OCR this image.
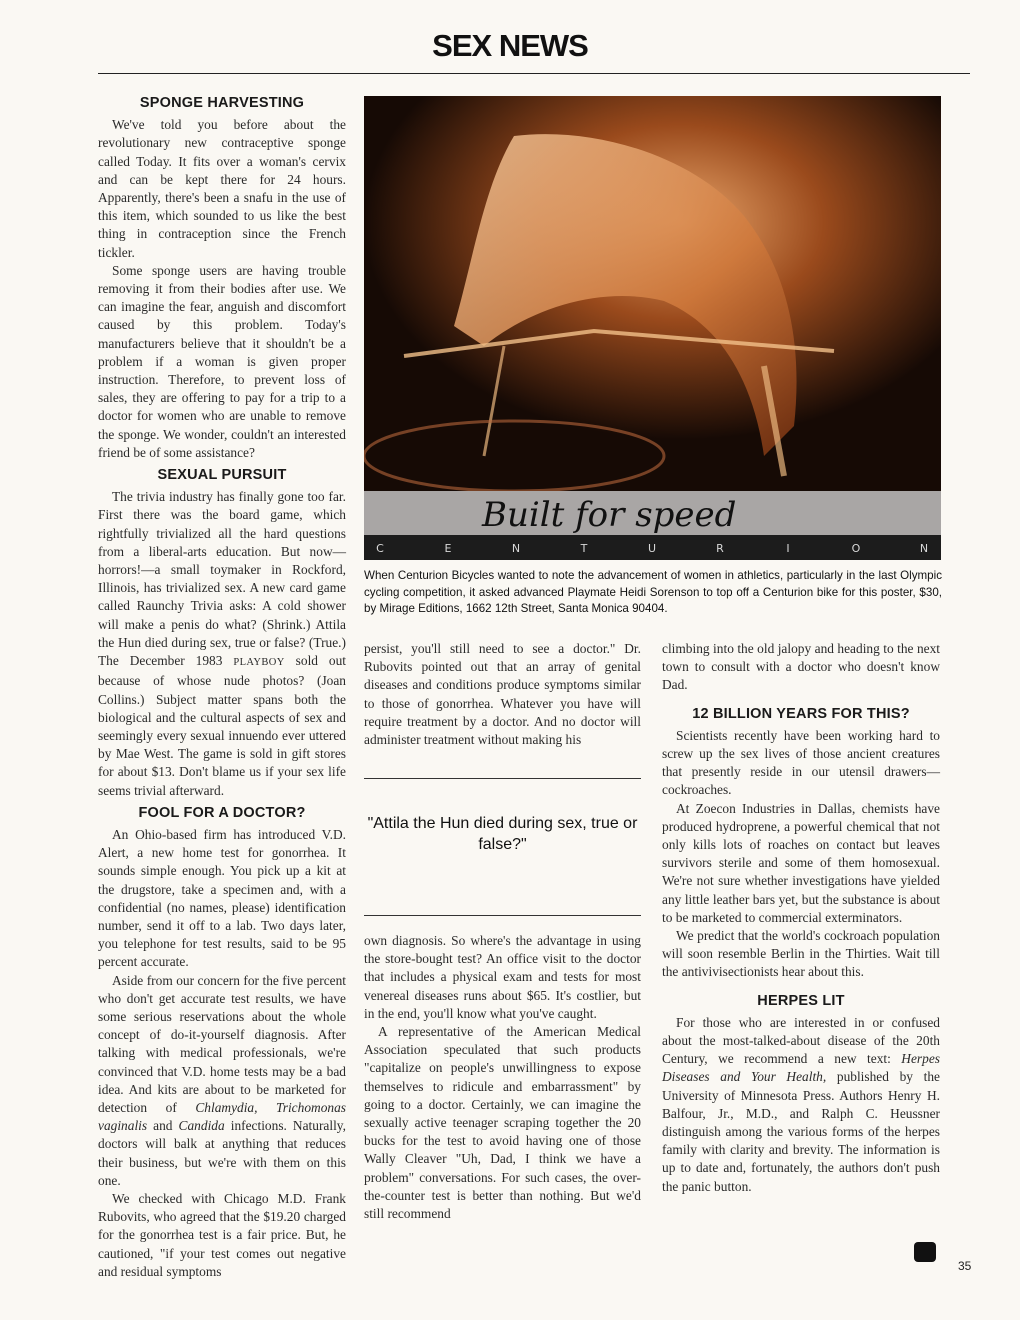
SEX NEWS
SPONGE HARVESTING

We've told you before about the revolutionary new contraceptive sponge called Today. It fits over a woman's cervix and can be kept there for 24 hours. Apparently, there's been a snafu in the use of this item, which sounded to us like the best thing in contraception since the French tickler.

Some sponge users are having trouble removing it from their bodies after use. We can imagine the fear, anguish and discomfort caused by this problem. Today's manufacturers believe that it shouldn't be a problem if a woman is given proper instruction. Therefore, to prevent loss of sales, they are offering to pay for a trip to a doctor for women who are unable to remove the sponge. We wonder, couldn't an interested friend be of some assistance?

SEXUAL PURSUIT

The trivia industry has finally gone too far. First there was the board game, which rightfully trivialized all the hard questions from a liberal-arts education. But now—horrors!—a small toymaker in Rockford, Illinois, has trivialized sex. A new card game called Raunchy Trivia asks: A cold shower will make a penis do what? (Shrink.) Attila the Hun died during sex, true or false? (True.) The December 1983 PLAYBOY sold out because of whose nude photos? (Joan Collins.) Subject matter spans both the biological and the cultural aspects of sex and seemingly every sexual innuendo ever uttered by Mae West. The game is sold in gift stores for about $13. Don't blame us if your sex life seems trivial afterward.

FOOL FOR A DOCTOR?

An Ohio-based firm has introduced V.D. Alert, a new home test for gonorrhea. It sounds simple enough. You pick up a kit at the drugstore, take a specimen and, with a confidential (no names, please) identification number, send it off to a lab. Two days later, you telephone for test results, said to be 95 percent accurate.

Aside from our concern for the five percent who don't get accurate test results, we have some serious reservations about the whole concept of do-it-yourself diagnosis. After talking with medical professionals, we're convinced that V.D. home tests may be a bad idea. And kits are about to be marketed for detection of Chlamydia, Trichomonas vaginalis and Candida infections. Naturally, doctors will balk at anything that reduces their business, but we're with them on this one.

We checked with Chicago M.D. Frank Rubovits, who agreed that the $19.20 charged for the gonorrhea test is a fair price. But, he cautioned, "if your test comes out negative and residual symptoms

Built for speed
C	E	N	T	U	R	I	O	N
When Centurion Bicycles wanted to note the advancement of women in athletics, particularly in the last Olympic cycling competition, it asked advanced Playmate Heidi Sorenson to top off a Centurion bike for this poster, $30, by Mirage Editions, 1662 12th Street, Santa Monica 90404.

persist, you'll still need to see a doctor." Dr. Rubovits pointed out that an array of genital diseases and conditions produce symptoms similar to those of gonorrhea. Whatever you have will require treatment by a doctor. And no doctor will administer treatment without making his

"Attila the Hun died during sex, true or false?"

own diagnosis. So where's the advantage in using the store-bought test? An office visit to the doctor that includes a physical exam and tests for most venereal diseases runs about $65. It's costlier, but in the end, you'll know what you've caught.

A representative of the American Medical Association speculated that such products "capitalize on people's unwillingness to expose themselves to ridicule and embarrassment" by going to a doctor. Certainly, we can imagine the sexually active teenager scraping together the 20 bucks for the test to avoid having one of those Wally Cleaver "Uh, Dad, I think we have a problem" conversations. For such cases, the over-the-counter test is better than nothing. But we'd still recommend

climbing into the old jalopy and heading to the next town to consult with a doctor who doesn't know Dad.

12 BILLION YEARS FOR THIS?

Scientists recently have been working hard to screw up the sex lives of those ancient creatures that presently reside in our utensil drawers—cockroaches.

At Zoecon Industries in Dallas, chemists have produced hydroprene, a powerful chemical that not only kills lots of roaches on contact but leaves survivors sterile and some of them homosexual. We're not sure whether investigations have yielded any little leather bars yet, but the substance is about to be marketed to commercial exterminators.

We predict that the world's cockroach population will soon resemble Berlin in the Thirties. Wait till the antivivisectionists hear about this.

HERPES LIT

For those who are interested in or confused about the most-talked-about disease of the 20th Century, we recommend a new text: Herpes Diseases and Your Health, published by the University of Minnesota Press. Authors Henry H. Balfour, Jr., M.D., and Ralph C. Heussner distinguish among the various forms of the herpes family with clarity and brevity. The information is up to date and, fortunately, the authors don't push the panic button.

35
